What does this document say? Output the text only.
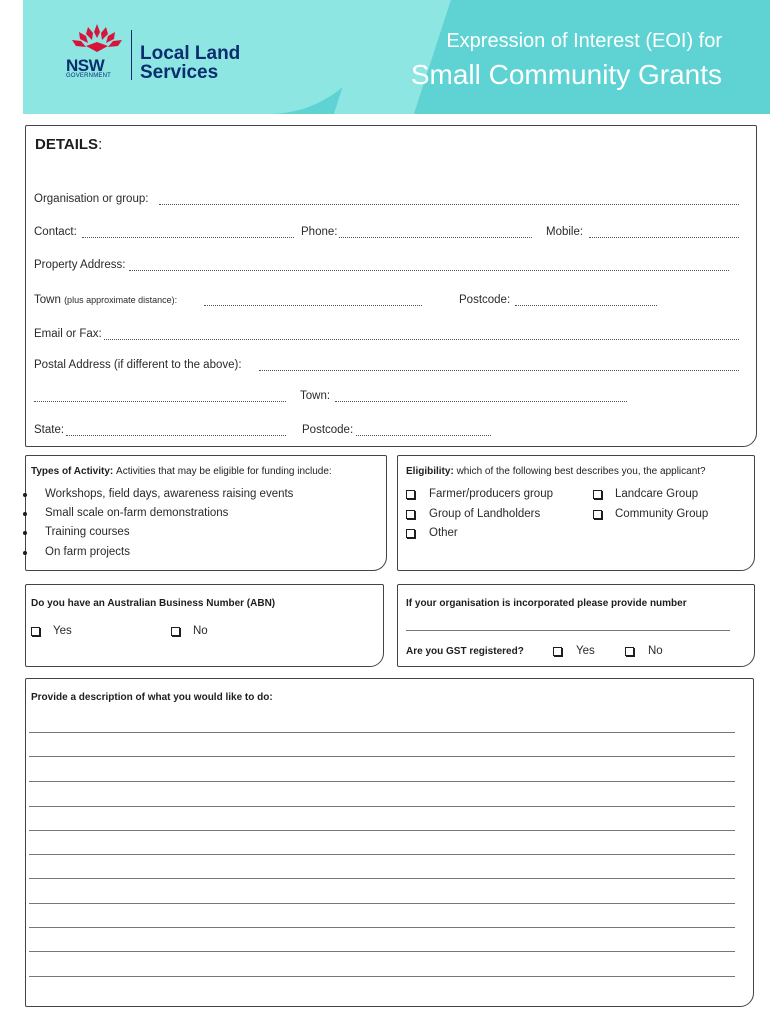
NSW
GOVERNMENT
Local Land
Services
Expression of Interest (EOI) for
Small Community Grants
DETAILS:
Organisation or group:
Contact:	Phone:	Mobile:
Property Address:
Town (plus approximate distance):	Postcode:
Email or Fax:
Postal Address (if different to the above):
Town:
State:	Postcode:
Types of Activity: Activities that may be eligible for funding include:
Workshops, field days, awareness raising events
Small scale on-farm demonstrations
Training courses
On farm projects
Eligibility: which of the following best describes you, the applicant?
Farmer/producers group	Landcare Group
Group of Landholders	Community Group
Other
Do you have an Australian Business Number (ABN)
Yes	No
If your organisation is incorporated please provide number
Are you GST registered?	Yes	No
Provide a description of what you would like to do:
